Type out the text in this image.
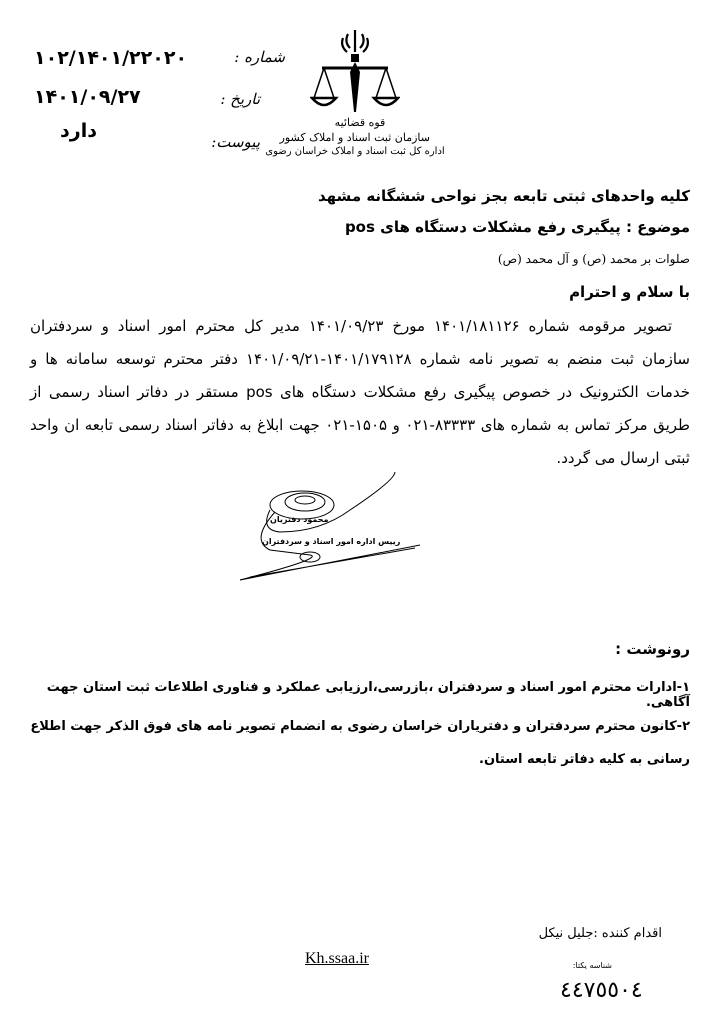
شماره :
۱۰۲/۱۴۰۱/۲۲۰۲۰
تاریخ :
۱۴۰۱/۰۹/۲۷
پیوست:
دارد	قوه قضائیه
سازمان ثبت اسناد و املاک کشور
اداره کل ثبت اسناد و املاک خراسان رضوی
کلیه واحدهای ثبتی تابعه بجز نواحی ششگانه مشهد
موضوع : پیگیری رفع مشکلات دستگاه های pos
صلوات بر محمد (ص) و آل محمد (ص)
با سلام و احترام
تصویر مرقومه شماره ۱۴۰۱/۱۸۱۱۲۶ مورخ ۱۴۰۱/۰۹/۲۳ مدیر کل محترم امور اسناد و سردفتران سازمان ثبت منضم به تصویر نامه شماره ۱۴۰۱/۱۷۹۱۲۸-۱۴۰۱/۰۹/۲۱ دفتر محترم توسعه سامانه ها و خدمات الکترونیک در خصوص پیگیری رفع مشکلات دستگاه های pos مستقر در دفاتر اسناد رسمی از طریق مرکز تماس به شماره های ۸۳۳۳۳-۰۲۱ و ۱۵۰۵-۰۲۱ جهت ابلاغ به دفاتر اسناد رسمی تابعه ان واحد ثبتی ارسال می گردد.
محمود دفتریان
رییس اداره امور اسناد و سردفتران
رونوشت :
۱-ادارات محترم امور اسناد و سردفتران ،بازرسی،ارزیابی عملکرد و فناوری اطلاعات ثبت استان جهت آگاهی.
۲-کانون محترم سردفتران و دفتریاران خراسان رضوی به انضمام تصویر نامه های فوق الذکر جهت اطلاع رسانی به کلیه دفاتر تابعه استان.
اقدام کننده :جلیل نیکل
Kh.ssaa.ir	شناسه یکتا:
٤٤٧٥٥٠٤
